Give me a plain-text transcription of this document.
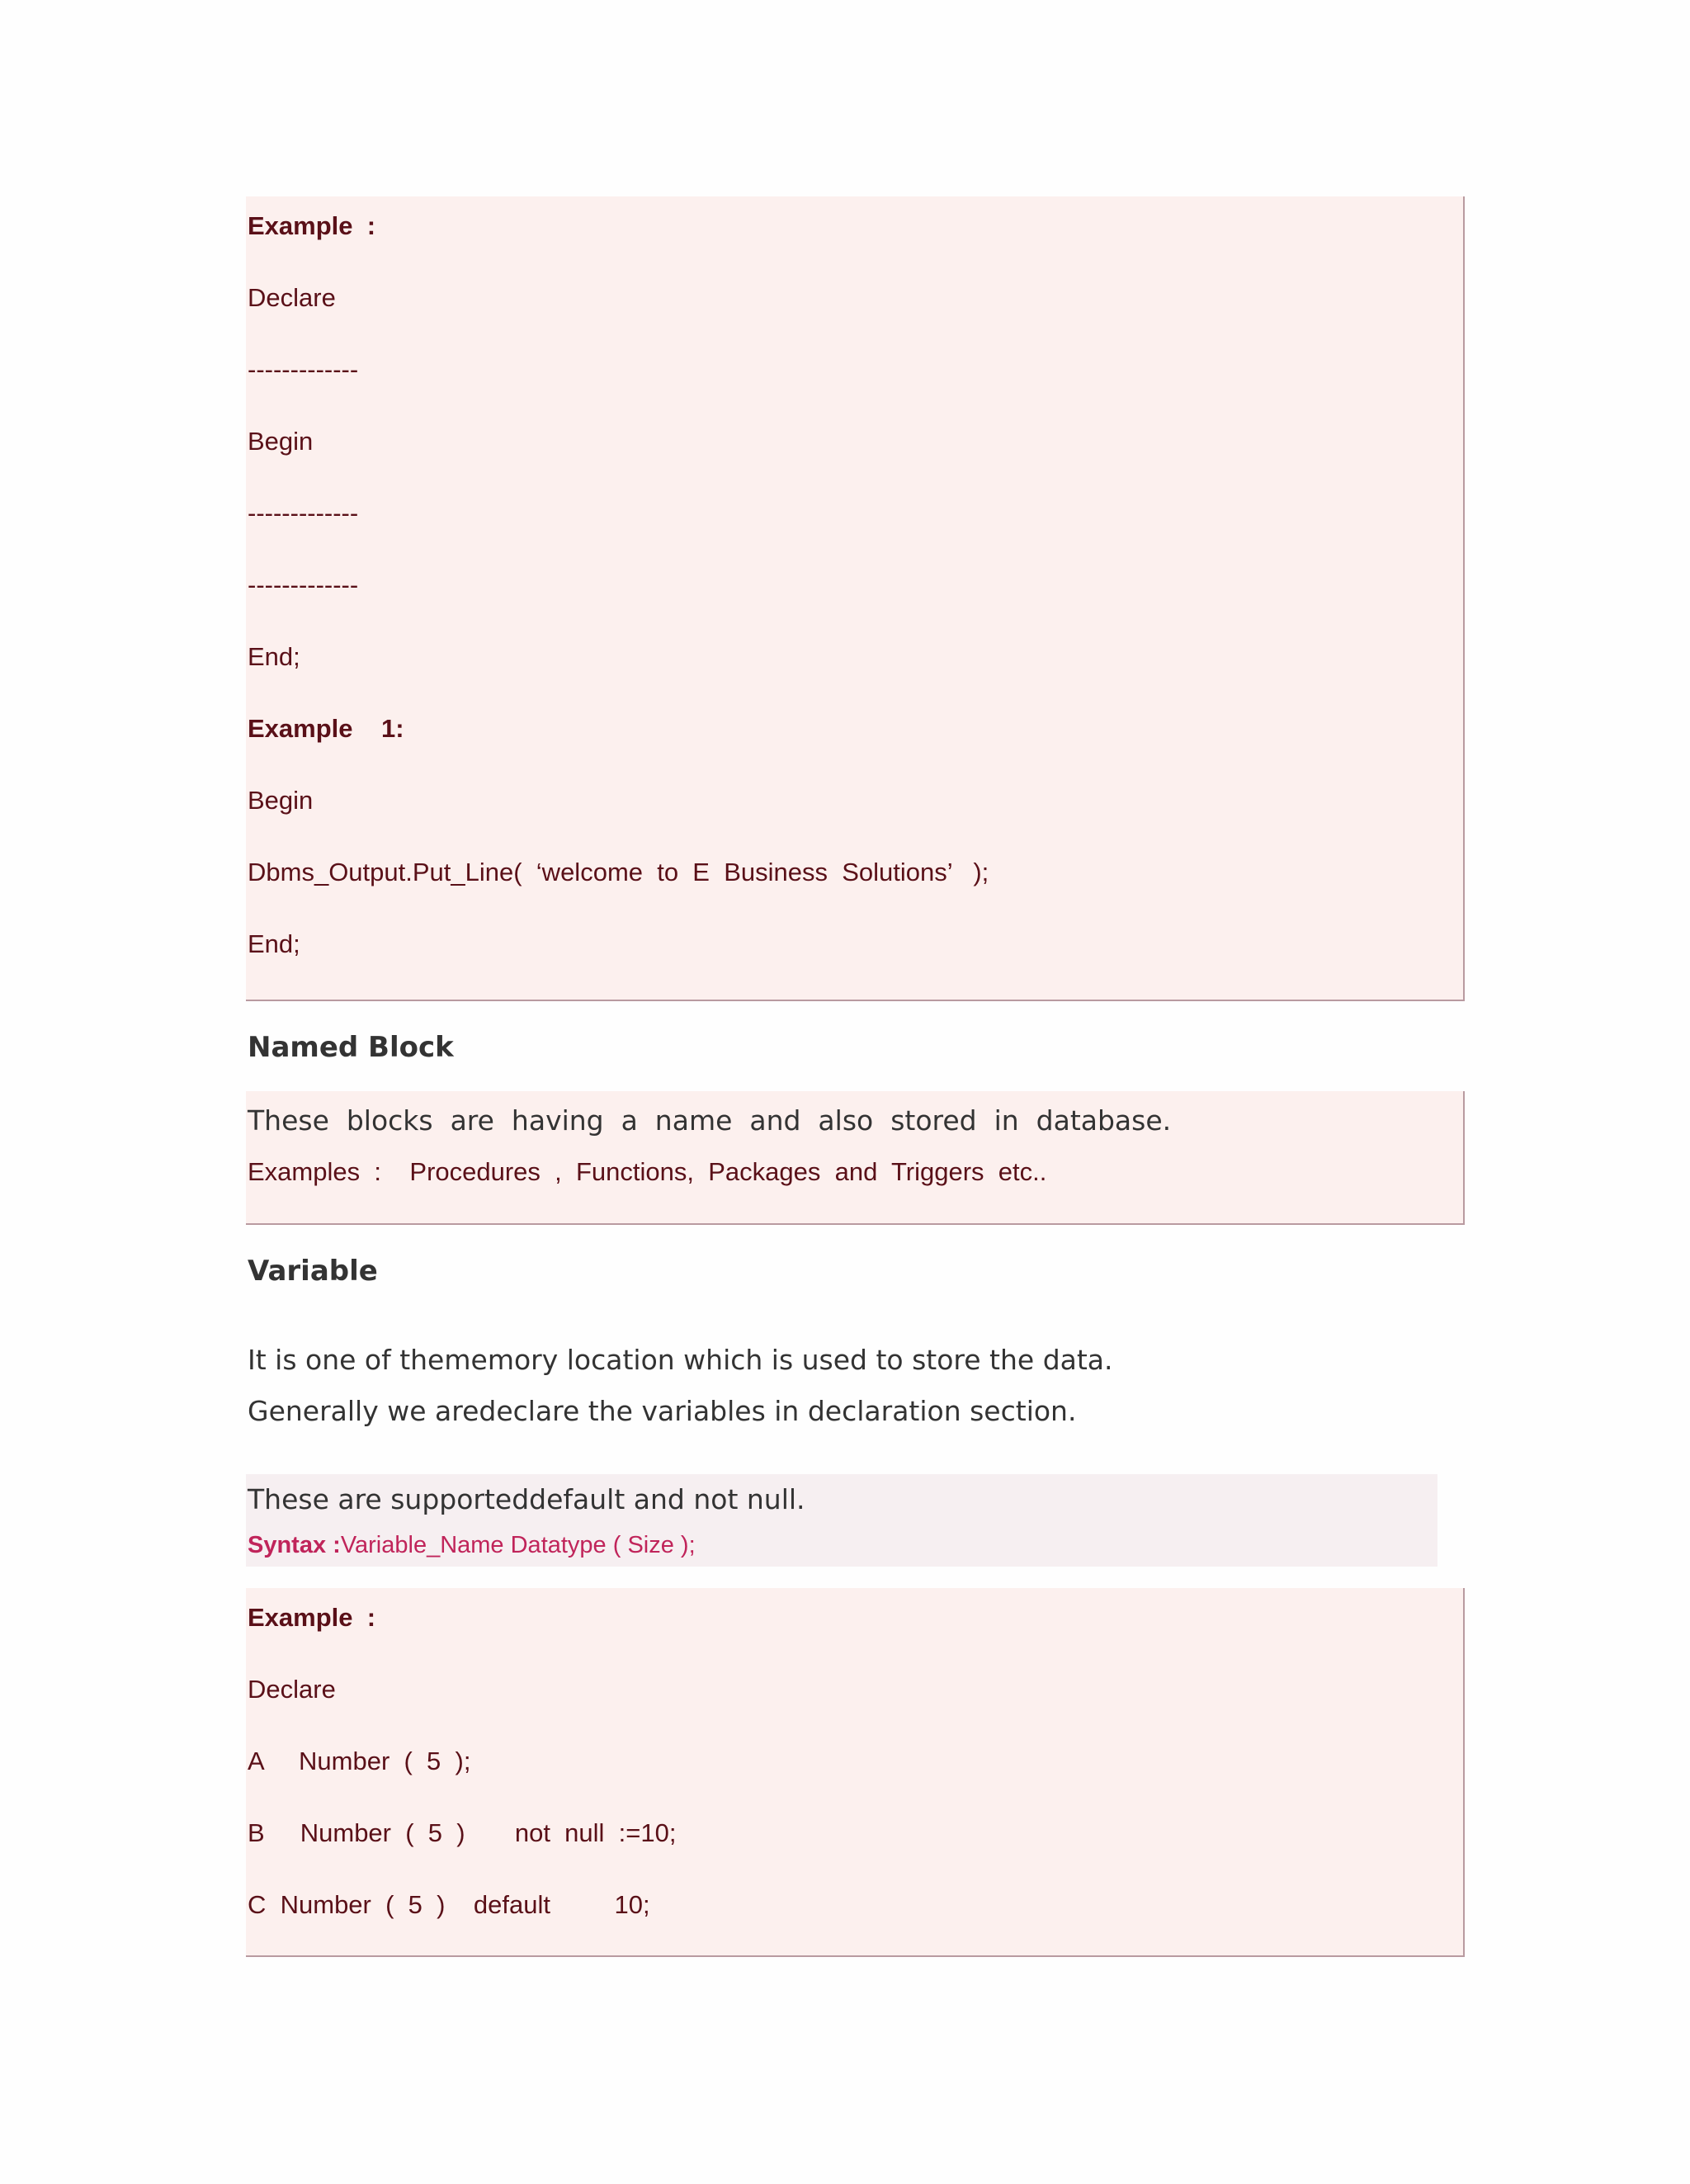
Example  :
Declare
-------------
Begin
-------------
-------------
End;
Example    1:
Begin
Dbms_Output.Put_Line(  ‘welcome  to  E  Business  Solutions’   );
End;
Named Block
These  blocks  are  having  a  name  and  also  stored  in  database.
Examples  :    Procedures  ,  Functions,  Packages  and  Triggers  etc..
Variable
It is one of thememory location which is used to store the data.
Generally we aredeclare the variables in declaration section.
These are supporteddefault and not null.
Syntax :Variable_Name Datatype ( Size );
Example  :
Declare
A     Number  (  5  );
B     Number  (  5  )       not  null  :=10;
C  Number  (  5  )    default         10;
